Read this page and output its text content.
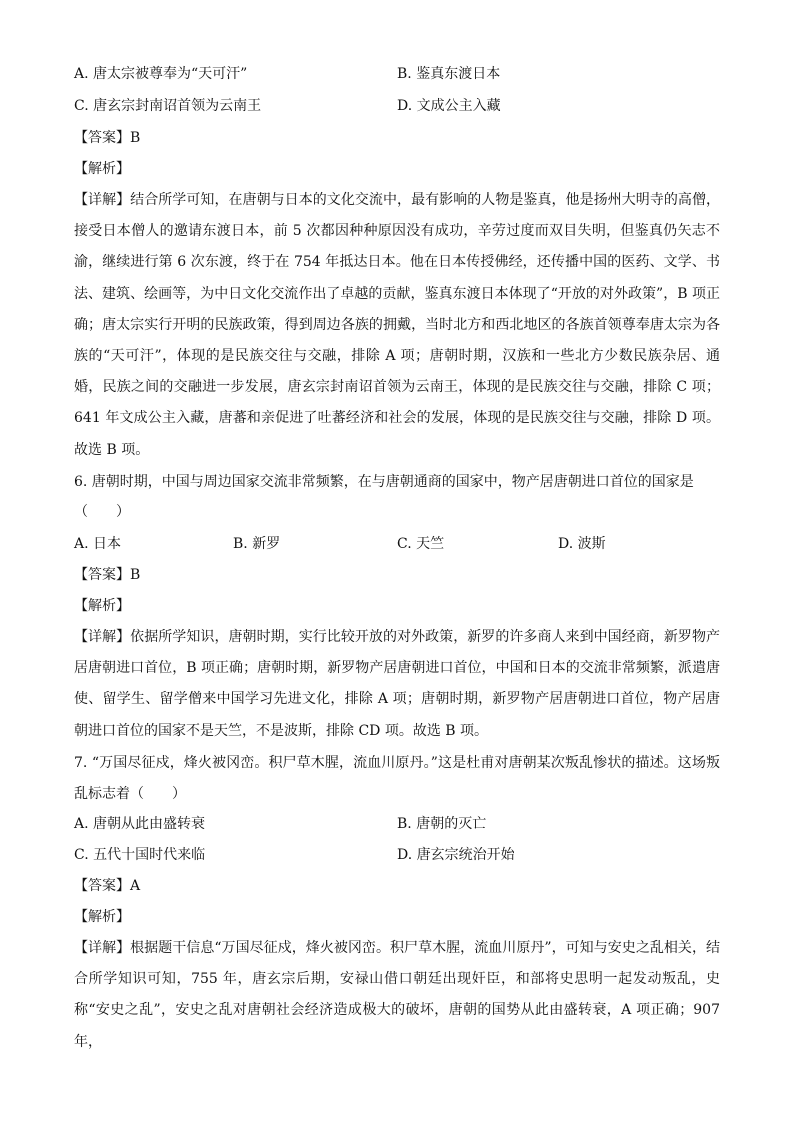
A. 唐太宗被尊奉为“天可汗”	B. 鉴真东渡日本
C. 唐玄宗封南诏首领为云南王	D. 文成公主入藏
【答案】B
【解析】

【详解】结合所学可知，在唐朝与日本的文化交流中，最有影响的人物是鉴真，他是扬州大明寺的高僧，接受日本僧人的邀请东渡日本，前 5 次都因种种原因没有成功，辛劳过度而双目失明，但鉴真仍矢志不渝，继续进行第 6 次东渡，终于在 754 年抵达日本。他在日本传授佛经，还传播中国的医药、文学、书法、建筑、绘画等，为中日文化交流作出了卓越的贡献，鉴真东渡日本体现了“开放的对外政策”，B 项正确；唐太宗实行开明的民族政策，得到周边各族的拥戴，当时北方和西北地区的各族首领尊奉唐太宗为各族的“天可汗”，体现的是民族交往与交融，排除 A 项；唐朝时期，汉族和一些北方少数民族杂居、通婚，民族之间的交融进一步发展，唐玄宗封南诏首领为云南王，体现的是民族交往与交融，排除 C 项；641 年文成公主入藏，唐蕃和亲促进了吐蕃经济和社会的发展，体现的是民族交往与交融，排除 D 项。故选 B 项。

6. 唐朝时期，中国与周边国家交流非常频繁，在与唐朝通商的国家中，物产居唐朝进口首位的国家是
（　　）
A. 日本	B. 新罗	C. 天竺	D. 波斯
【答案】B
【解析】

【详解】依据所学知识，唐朝时期，实行比较开放的对外政策，新罗的许多商人来到中国经商，新罗物产居唐朝进口首位，B 项正确；唐朝时期，新罗物产居唐朝进口首位，中国和日本的交流非常频繁，派遣唐使、留学生、留学僧来中国学习先进文化，排除 A 项；唐朝时期，新罗物产居唐朝进口首位，物产居唐朝进口首位的国家不是天竺，不是波斯，排除 CD 项。故选 B 项。

7. “万国尽征戍，烽火被冈峦。积尸草木腥，流血川原丹。”这是杜甫对唐朝某次叛乱惨状的描述。这场叛乱标志着（　　）

A. 唐朝从此由盛转衰	B. 唐朝的灭亡
C. 五代十国时代来临	D. 唐玄宗统治开始
【答案】A
【解析】

【详解】根据题干信息“万国尽征戍，烽火被冈峦。积尸草木腥，流血川原丹”，可知与安史之乱相关，结合所学知识可知，755 年，唐玄宗后期，安禄山借口朝廷出现奸臣，和部将史思明一起发动叛乱，史称“安史之乱”，安史之乱对唐朝社会经济造成极大的破坏，唐朝的国势从此由盛转衰，A 项正确；907 年，
